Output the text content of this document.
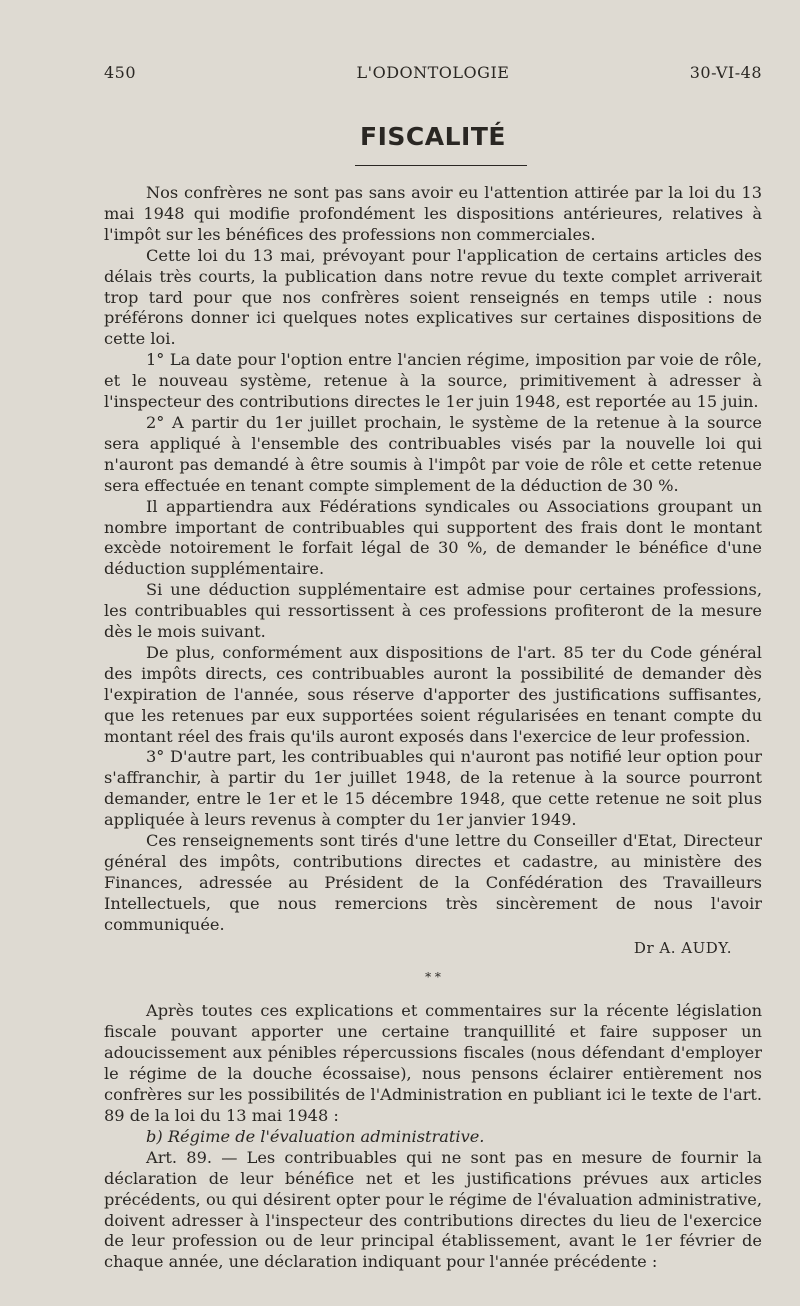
450	L'ODONTOLOGIE	30-VI-48
FISCALITÉ

Nos confrères ne sont pas sans avoir eu l'attention attirée par la loi du 13 mai 1948 qui modifie profondément les dispositions antérieures, relatives à l'impôt sur les bénéfices des professions non commerciales.

Cette loi du 13 mai, prévoyant pour l'application de certains articles des délais très courts, la publication dans notre revue du texte complet arriverait trop tard pour que nos confrères soient renseignés en temps utile : nous préférons donner ici quelques notes explicatives sur certaines dispositions de cette loi.

1° La date pour l'option entre l'ancien régime, imposition par voie de rôle, et le nouveau système, retenue à la source, primitivement à adresser à l'inspecteur des contributions directes le 1er juin 1948, est reportée au 15 juin.

2° A partir du 1er juillet prochain, le système de la retenue à la source sera appliqué à l'ensemble des contribuables visés par la nouvelle loi qui n'auront pas demandé à être soumis à l'impôt par voie de rôle et cette retenue sera effectuée en tenant compte simplement de la déduction de 30 %.

Il appartiendra aux Fédérations syndicales ou Associations groupant un nombre important de contribuables qui supportent des frais dont le montant excède notoirement le forfait légal de 30 %, de demander le bénéfice d'une déduction supplémentaire.

Si une déduction supplémentaire est admise pour certaines professions, les contribuables qui ressortissent à ces professions profiteront de la mesure dès le mois suivant.

De plus, conformément aux dispositions de l'art. 85 ter du Code général des impôts directs, ces contribuables auront la possibilité de demander dès l'expiration de l'année, sous réserve d'apporter des justifications suffisantes, que les retenues par eux supportées soient régularisées en tenant compte du montant réel des frais qu'ils auront exposés dans l'exercice de leur profession.

3° D'autre part, les contribuables qui n'auront pas notifié leur option pour s'affranchir, à partir du 1er juillet 1948, de la retenue à la source pourront demander, entre le 1er et le 15 décembre 1948, que cette retenue ne soit plus appliquée à leurs revenus à compter du 1er janvier 1949.

Ces renseignements sont tirés d'une lettre du Conseiller d'Etat, Directeur général des impôts, contributions directes et cadastre, au ministère des Finances, adressée au Président de la Confédération des Travailleurs Intellectuels, que nous remercions très sincèrement de nous l'avoir communiquée.

Dr A. AUDY.
* *

Après toutes ces explications et commentaires sur la récente législation fiscale pouvant apporter une certaine tranquillité et faire supposer un adoucissement aux pénibles répercussions fiscales (nous défendant d'employer le régime de la douche écossaise), nous pensons éclairer entièrement nos confrères sur les possibilités de l'Administration en publiant ici le texte de l'art. 89 de la loi du 13 mai 1948 :

b) Régime de l'évaluation administrative.

Art. 89. — Les contribuables qui ne sont pas en mesure de fournir la déclaration de leur bénéfice net et les justifications prévues aux articles précédents, ou qui désirent opter pour le régime de l'évaluation administrative, doivent adresser à l'inspecteur des contributions directes du lieu de l'exercice de leur profession ou de leur principal établissement, avant le 1er février de chaque année, une déclaration indiquant pour l'année précédente :
